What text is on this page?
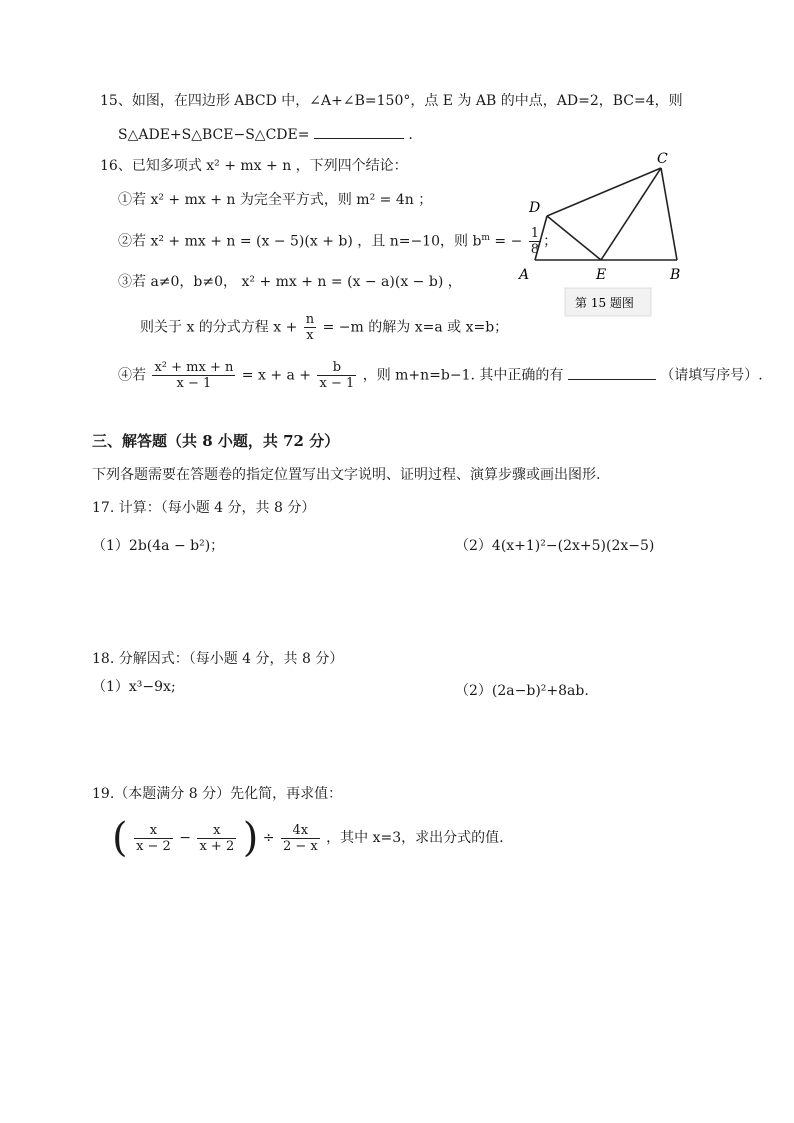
15、如图，在四边形 ABCD 中，∠A+∠B=150°，点 E 为 AB 的中点，AD=2，BC=4，则
S△ADE+S△BCE−S△CDE=	.
16、已知多项式 x² + mx + n ，下列四个结论：
①若 x² + mx + n 为完全平方式，则 m² = 4n ；
②若 x² + mx + n = (x − 5)(x + b) ，且 n=−10，则 $b^m$ = − $\frac{1}{8}$ ；
③若 a≠0，b≠0， x² + mx + n = (x − a)(x − b) ，
则关于 x 的分式方程 $x + \frac{n}{x} = -m$ 的解为 x=a 或 x=b；
④若 $\frac{\text{x² + mx + n}}{x - 1} = x + a + \frac{b}{x - 1}$ ，则 m+n=b−1. 其中正确的有	（请填写序号）.
A	B
C
D
E
第 15 题图
三、解答题（共 8 小题，共 72 分）
下列各题需要在答题卷的指定位置写出文字说明、证明过程、演算步骤或画出图形.
17. 计算：（每小题 4 分，共 8 分）
（1）2b(4a − b²)；	（2）4(x+1)²−(2x+5)(2x−5)
18. 分解因式：（每小题 4 分，共 8 分）
（1）x³−9x;	（2）(2a−b)²+8ab.
19.（本题满分 8 分）先化简，再求值：
( $\frac{x}{x - 2} - \frac{x}{x + 2}$ ) ÷ $\frac{4x}{2 - x}$ ，其中 x=3，求出分式的值.
